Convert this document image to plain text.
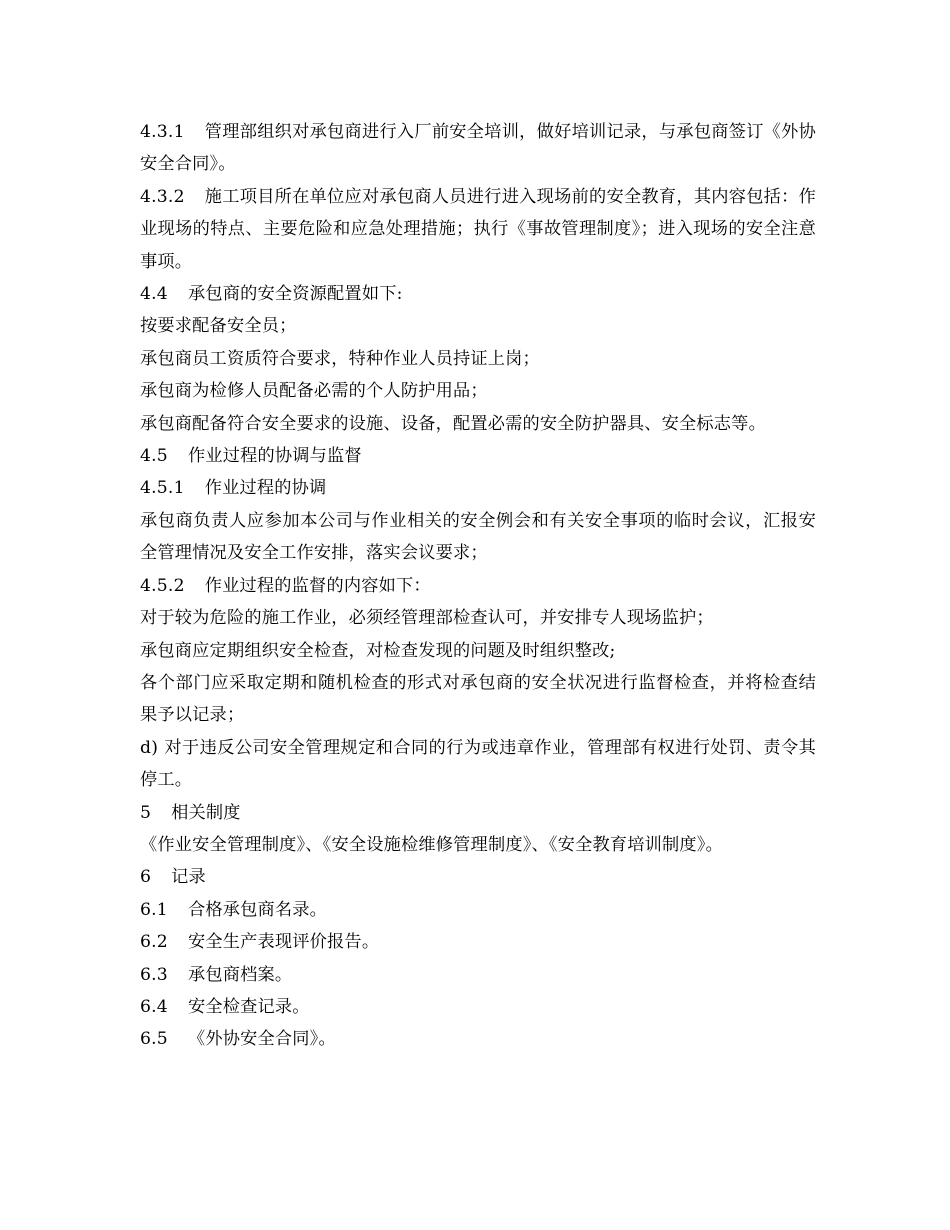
4.3.1 管理部组织对承包商进行入厂前安全培训，做好培训记录，与承包商签订《外协安全合同》。

4.3.2 施工项目所在单位应对承包商人员进行进入现场前的安全教育，其内容包括：作业现场的特点、主要危险和应急处理措施；执行《事故管理制度》；进入现场的安全注意事项。

4.4 承包商的安全资源配置如下:

按要求配备安全员；

承包商员工资质符合要求，特种作业人员持证上岗；

承包商为检修人员配备必需的个人防护用品；

承包商配备符合安全要求的设施、设备，配置必需的安全防护器具、安全标志等。

4.5 作业过程的协调与监督

4.5.1 作业过程的协调

承包商负责人应参加本公司与作业相关的安全例会和有关安全事项的临时会议，汇报安全管理情况及安全工作安排，落实会议要求；

4.5.2 作业过程的监督的内容如下：

对于较为危险的施工作业，必须经管理部检查认可，并安排专人现场监护；

承包商应定期组织安全检查，对检查发现的问题及时组织整改;

各个部门应采取定期和随机检查的形式对承包商的安全状况进行监督检查，并将检查结果予以记录；

d) 对于违反公司安全管理规定和合同的行为或违章作业，管理部有权进行处罚、责令其停工。

5 相关制度

《作业安全管理制度》、《安全设施检维修管理制度》、《安全教育培训制度》。

6 记录

6.1 合格承包商名录。

6.2 安全生产表现评价报告。

6.3 承包商档案。

6.4 安全检查记录。

6.5 《外协安全合同》。
